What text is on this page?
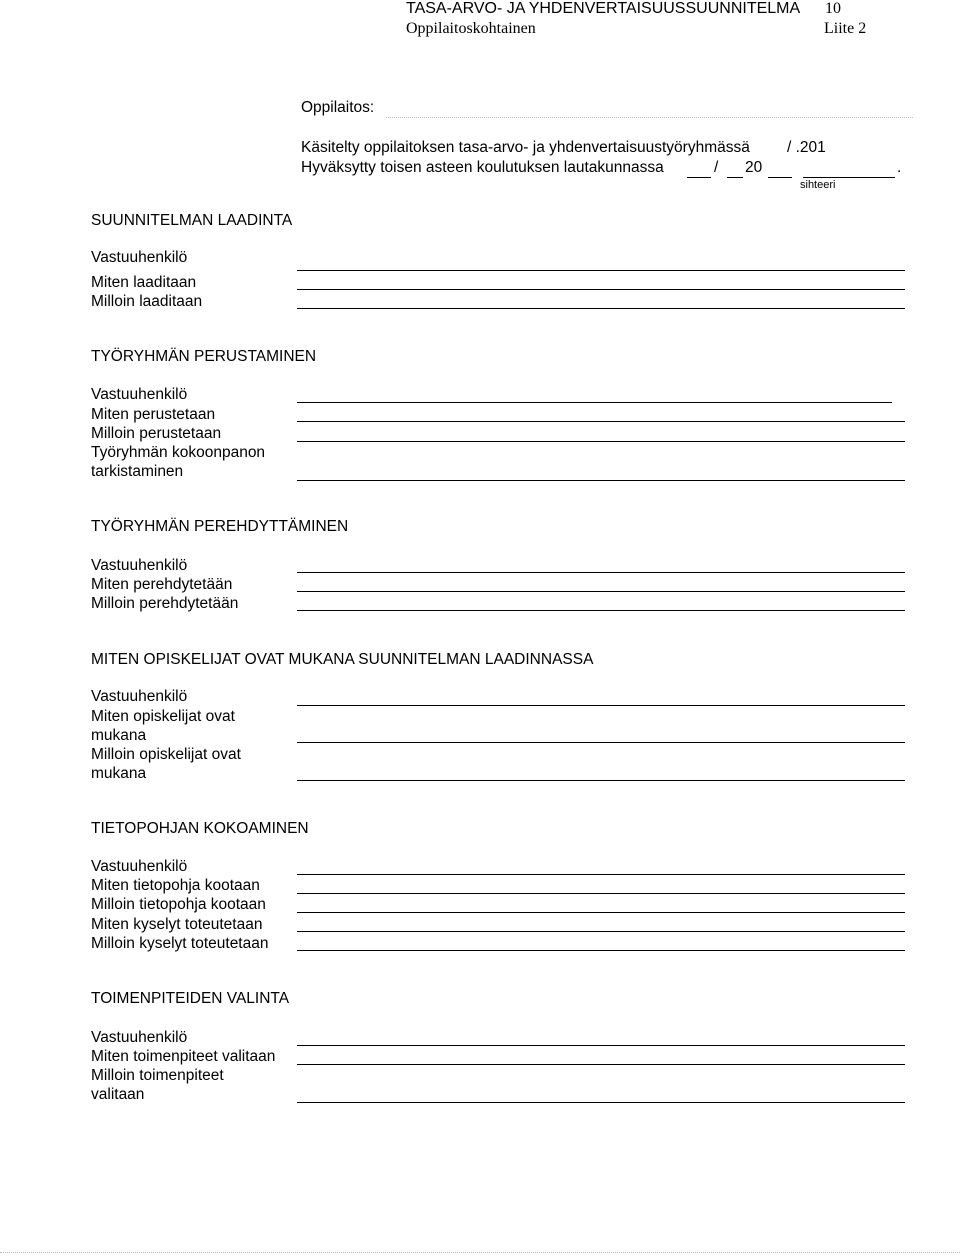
TASA-ARVO- JA YHDENVERTAISUUSSUUNNITELMA 10
Oppilaitoskohtainen	Liite 2
Oppilaitos:
Käsitelty oppilaitoksen tasa-arvo- ja yhdenvertaisuustyöryhmässä / .201
Hyväksytty toisen asteen koulutuksen lautakunnassa	/ 20	.
sihteeri
SUUNNITELMAN LAADINTA
Vastuuhenkilö
Miten laaditaan
Milloin laaditaan
TYÖRYHMÄN PERUSTAMINEN
Vastuuhenkilö
Miten perustetaan
Milloin perustetaan
Työryhmän kokoonpanon
tarkistaminen
TYÖRYHMÄN PEREHDYTTÄMINEN
Vastuuhenkilö
Miten perehdytetään
Milloin perehdytetään
MITEN OPISKELIJAT OVAT MUKANA SUUNNITELMAN LAADINNASSA
Vastuuhenkilö
Miten opiskelijat ovat
mukana
Milloin opiskelijat ovat
mukana
TIETOPOHJAN KOKOAMINEN
Vastuuhenkilö
Miten tietopohja kootaan
Milloin tietopohja kootaan
Miten kyselyt toteutetaan
Milloin kyselyt toteutetaan
TOIMENPITEIDEN VALINTA
Vastuuhenkilö
Miten toimenpiteet valitaan
Milloin toimenpiteet
valitaan
